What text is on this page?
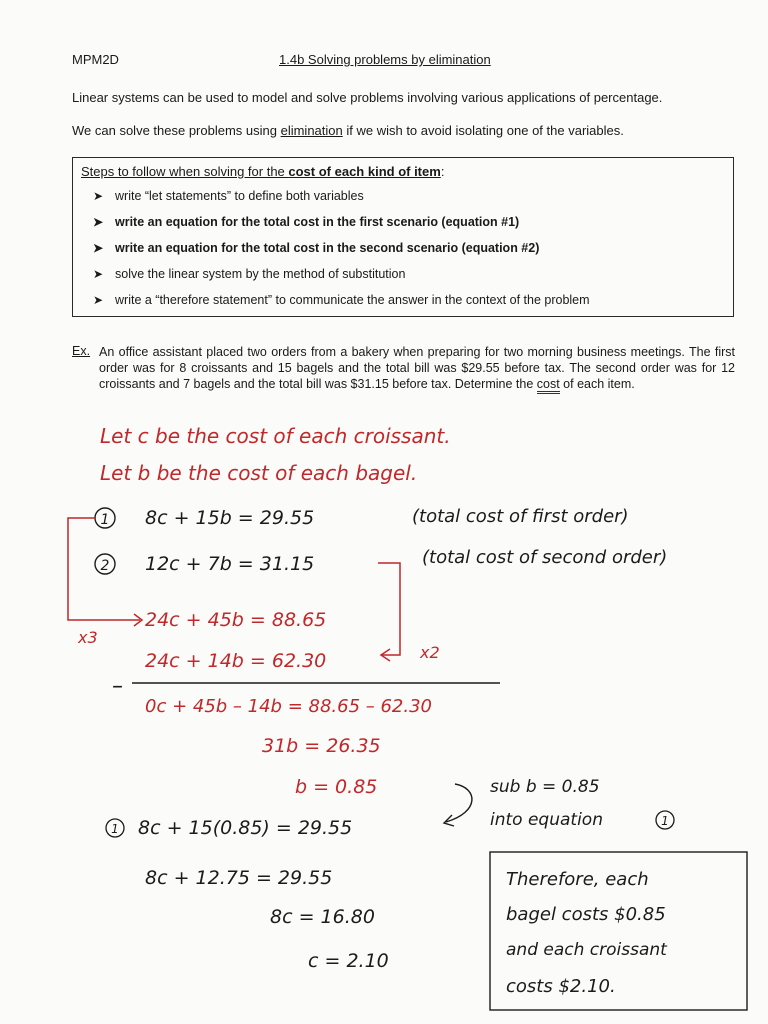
MPM2D	1.4b Solving problems by elimination
Linear systems can be used to model and solve problems involving various applications of percentage.
We can solve these problems using elimination if we wish to avoid isolating one of the variables.
Steps to follow when solving for the cost of each kind of item:
➤ write “let statements” to define both variables
➤ write an equation for the total cost in the first scenario (equation #1)
➤ write an equation for the total cost in the second scenario (equation #2)
➤ solve the linear system by the method of substitution
➤ write a “therefore statement” to communicate the answer in the context of the problem
Ex. An office assistant placed two orders from a bakery when preparing for two morning business meetings. The first order was for 8 croissants and 15 bagels and the total bill was $29.55 before tax. The second order was for 12 croissants and 7 bagels and the total bill was $31.15 before tax. Determine the cost of each item.
Let c be the cost of each croissant.
Let b be the cost of each bagel.
1 8c + 15b = 29.55	(total cost of first order)
2 12c + 7b = 31.15	(total cost of second order)
x3
x2
24c + 45b = 88.65
24c + 14b = 62.30
–
0c + 45b – 14b = 88.65 – 62.30
31b = 26.35
b = 0.85	sub b = 0.85
into equation	1
1 8c + 15(0.85) = 29.55
8c + 12.75 = 29.55
8c = 16.80
c = 2.10
Therefore, each
bagel costs $0.85
and each croissant
costs $2.10.
